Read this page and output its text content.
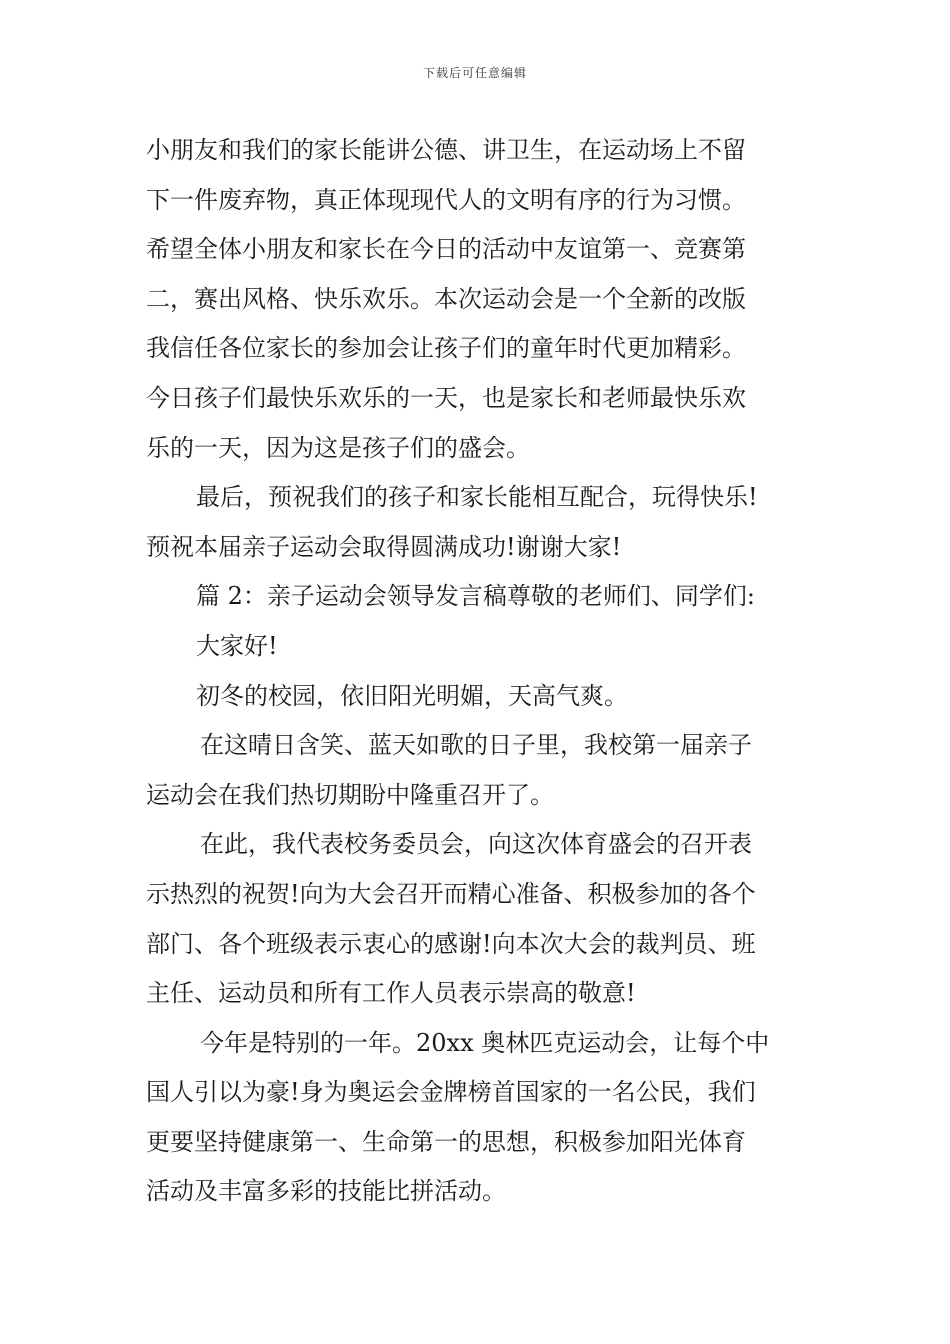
下载后可任意编辑
小朋友和我们的家长能讲公德、讲卫生，在运动场上不留
下一件废弃物，真正体现现代人的文明有序的行为习惯。
希望全体小朋友和家长在今日的活动中友谊第一、竞赛第
二，赛出风格、快乐欢乐。本次运动会是一个全新的改版
我信任各位家长的参加会让孩子们的童年时代更加精彩。
今日孩子们最快乐欢乐的一天，也是家长和老师最快乐欢
乐的一天，因为这是孩子们的盛会。
最后，预祝我们的孩子和家长能相互配合，玩得快乐!
预祝本届亲子运动会取得圆满成功!谢谢大家!
篇 2：亲子运动会领导发言稿尊敬的老师们、同学们:
大家好!
初冬的校园，依旧阳光明媚，天高气爽。
在这晴日含笑、蓝天如歌的日子里，我校第一届亲子
运动会在我们热切期盼中隆重召开了。
在此，我代表校务委员会，向这次体育盛会的召开表
示热烈的祝贺!向为大会召开而精心准备、积极参加的各个
部门、各个班级表示衷心的感谢!向本次大会的裁判员、班
主任、运动员和所有工作人员表示崇高的敬意!
今年是特别的一年。20xx 奥林匹克运动会，让每个中
国人引以为豪!身为奥运会金牌榜首国家的一名公民，我们
更要坚持健康第一、生命第一的思想，积极参加阳光体育
活动及丰富多彩的技能比拼活动。
